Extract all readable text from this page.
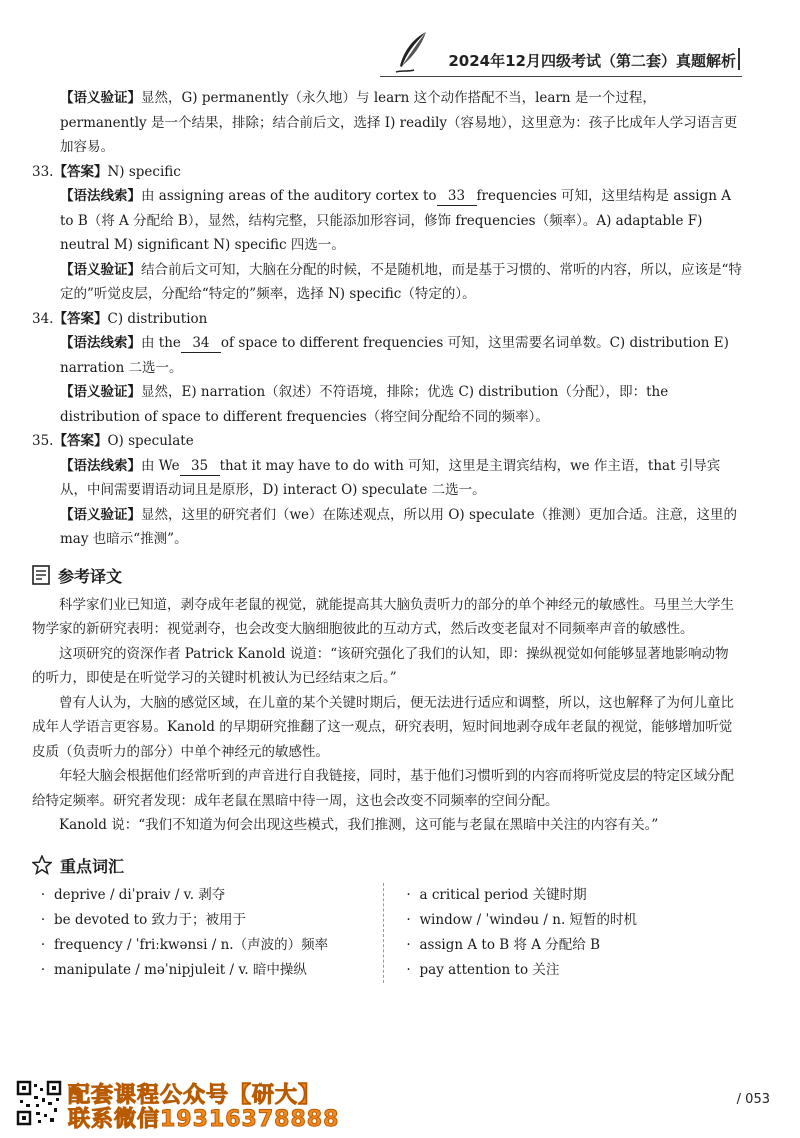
2024年12月四级考试（第二套）真题解析

【语义验证】显然，G) permanently（永久地）与 learn 这个动作搭配不当，learn 是一个过程，permanently 是一个结果，排除；结合前后文，选择 I) readily（容易地），这里意为：孩子比成年人学习语言更加容易。

33.【答案】N) specific

【语法线索】由 assigning areas of the auditory cortex to 33 frequencies 可知，这里结构是 assign A to B（将 A 分配给 B），显然，结构完整，只能添加形容词，修饰 frequencies（频率）。A) adaptable F) neutral M) significant N) specific 四选一。

【语义验证】结合前后文可知，大脑在分配的时候，不是随机地，而是基于习惯的、常听的内容，所以，应该是“特定的”听觉皮层，分配给“特定的”频率，选择 N) specific（特定的）。

34.【答案】C) distribution

【语法线索】由 the 34 of space to different frequencies 可知，这里需要名词单数。C) distribution E) narration 二选一。

【语义验证】显然，E) narration（叙述）不符语境，排除；优选 C) distribution（分配），即：the distribution of space to different frequencies（将空间分配给不同的频率）。

35.【答案】O) speculate

【语法线索】由 We 35 that it may have to do with 可知，这里是主谓宾结构，we 作主语，that 引导宾从，中间需要谓语动词且是原形，D) interact O) speculate 二选一。

【语义验证】显然，这里的研究者们（we）在陈述观点，所以用 O) speculate（推测）更加合适。注意，这里的 may 也暗示“推测”。

参考译文

科学家们业已知道，剥夺成年老鼠的视觉，就能提高其大脑负责听力的部分的单个神经元的敏感性。马里兰大学生物学家的新研究表明：视觉剥夺，也会改变大脑细胞彼此的互动方式，然后改变老鼠对不同频率声音的敏感性。

这项研究的资深作者 Patrick Kanold 说道：“该研究强化了我们的认知，即：操纵视觉如何能够显著地影响动物的听力，即使是在听觉学习的关键时机被认为已经结束之后。”

曾有人认为，大脑的感觉区域，在儿童的某个关键时期后，便无法进行适应和调整，所以，这也解释了为何儿童比成年人学语言更容易。Kanold 的早期研究推翻了这一观点，研究表明，短时间地剥夺成年老鼠的视觉，能够增加听觉皮质（负责听力的部分）中单个神经元的敏感性。

年轻大脑会根据他们经常听到的声音进行自我链接，同时，基于他们习惯听到的内容而将听觉皮层的特定区域分配给特定频率。研究者发现：成年老鼠在黑暗中待一周，这也会改变不同频率的空间分配。

Kanold 说：“我们不知道为何会出现这些模式，我们推测，这可能与老鼠在黑暗中关注的内容有关。”

重点词汇
· deprive / diˈpraiv / v. 剥夺
· be devoted to 致力于；被用于
· frequency / ˈfriːkwənsi / n.（声波的）频率
· manipulate / məˈnipjuleit / v. 暗中操纵
· a critical period 关键时期
· window / ˈwindəu / n. 短暂的时机
· assign A to B 将 A 分配给 B
· pay attention to 关注
配套课程公众号【研大】
联系微信19316378888
/ 053
